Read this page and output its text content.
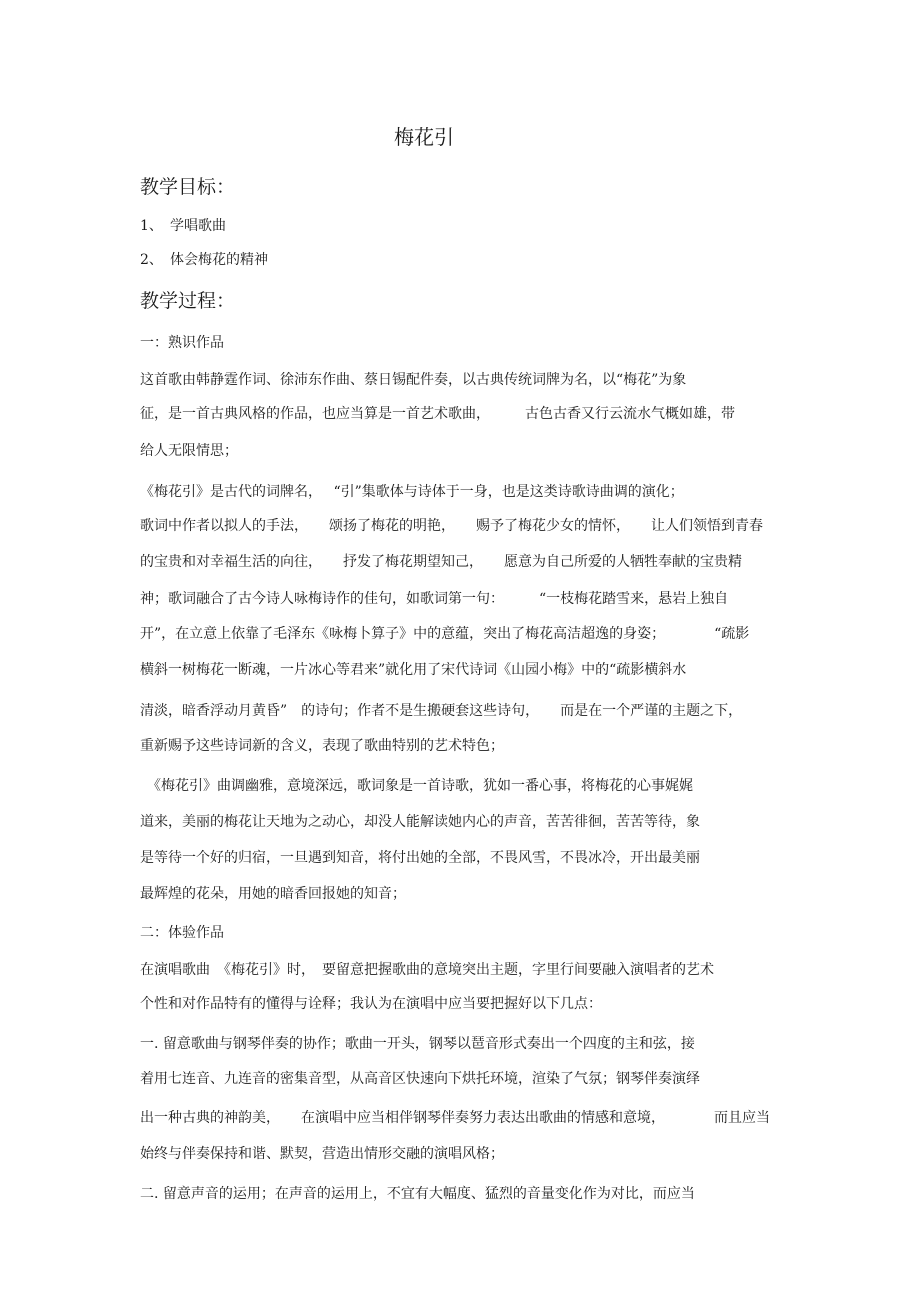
梅花引
教学目标：
1、 学唱歌曲
2、 体会梅花的精神
教学过程：
一：熟识作品
这首歌由韩静霆作词、徐沛东作曲、蔡日锡配件奏，以古典传统词牌为名，以“梅花”为象
征，是一首古典风格的作品，也应当算是一首艺术歌曲，　　　古色古香又行云流水气概如雄，带
给人无限情思；
《梅花引》是古代的词牌名，　 “引”集歌体与诗体于一身，也是这类诗歌诗曲调的演化；
歌词中作者以拟人的手法，　　颂扬了梅花的明艳，　　赐予了梅花少女的情怀，　　让人们领悟到青春
的宝贵和对幸福生活的向往，　　抒发了梅花期望知己，　　愿意为自己所爱的人牺牲奉献的宝贵精
神；歌词融合了古今诗人咏梅诗作的佳句，如歌词第一句：　　　“一枝梅花踏雪来，悬岩上独自
开”，在立意上依靠了毛泽东《咏梅卜算子》中的意蕴，突出了梅花高洁超逸的身姿；　　　　“疏影
横斜一树梅花一断魂，一片冰心等君来”就化用了宋代诗词《山园小梅》中的“疏影横斜水
清淡，暗香浮动月黄昏”　的诗句；作者不是生搬硬套这些诗句，　　而是在一个严谨的主题之下，
重新赐予这些诗词新的含义，表现了歌曲特别的艺术特色；
　《梅花引》曲调幽雅，意境深远，歌词象是一首诗歌，犹如一番心事，将梅花的心事娓娓
道来，美丽的梅花让天地为之动心，却没人能解读她内心的声音，苦苦徘徊，苦苦等待，象
是等待一个好的归宿，一旦遇到知音，将付出她的全部，不畏风雪，不畏冰冷，开出最美丽
最辉煌的花朵，用她的暗香回报她的知音；
二：体验作品
在演唱歌曲　《梅花引》时，　要留意把握歌曲的意境突出主题，字里行间要融入演唱者的艺术
个性和对作品特有的懂得与诠释；我认为在演唱中应当要把握好以下几点：
一. 留意歌曲与钢琴伴奏的协作；歌曲一开头，钢琴以琶音形式奏出一个四度的主和弦，接
着用七连音、九连音的密集音型，从高音区快速向下烘托环境，渲染了气氛；钢琴伴奏演绎
出一种古典的神韵美，　　在演唱中应当相伴钢琴伴奏努力表达出歌曲的情感和意境，　　　　而且应当
始终与伴奏保持和谐、默契，营造出情形交融的演唱风格；
二. 留意声音的运用；在声音的运用上，不宜有大幅度、猛烈的音量变化作为对比，而应当
